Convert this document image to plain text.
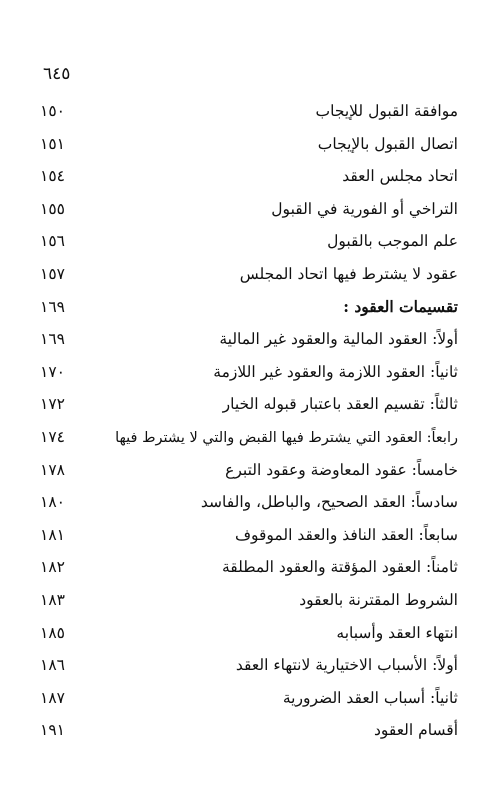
٦٤٥
موافقة القبول للإيجاب
١٥٠
اتصال القبول بالإيجاب
١٥١
اتحاد مجلس العقد
١٥٤
التراخي أو الفورية في القبول
١٥٥
علم الموجب بالقبول
١٥٦
عقود لا يشترط فيها اتحاد المجلس
١٥٧
تقسيمات العقود :
١٦٩
أولاً: العقود المالية والعقود غير المالية
١٦٩
ثانياً: العقود اللازمة والعقود غير اللازمة
١٧٠
ثالثاً: تقسيم العقد باعتبار قبوله الخيار
١٧٢
رابعاً: العقود التي يشترط فيها القبض والتي لا يشترط فيها
١٧٤
خامساً: عقود المعاوضة وعقود التبرع
١٧٨
سادساً: العقد الصحيح، والباطل، والفاسد
١٨٠
سابعاً: العقد النافذ والعقد الموقوف
١٨١
ثامناً: العقود المؤقتة والعقود المطلقة
١٨٢
الشروط المقترنة بالعقود
١٨٣
انتهاء العقد وأسبابه
١٨٥
أولاً: الأسباب الاختيارية لانتهاء العقد
١٨٦
ثانياً: أسباب العقد الضرورية
١٨٧
أقسام العقود
١٩١
